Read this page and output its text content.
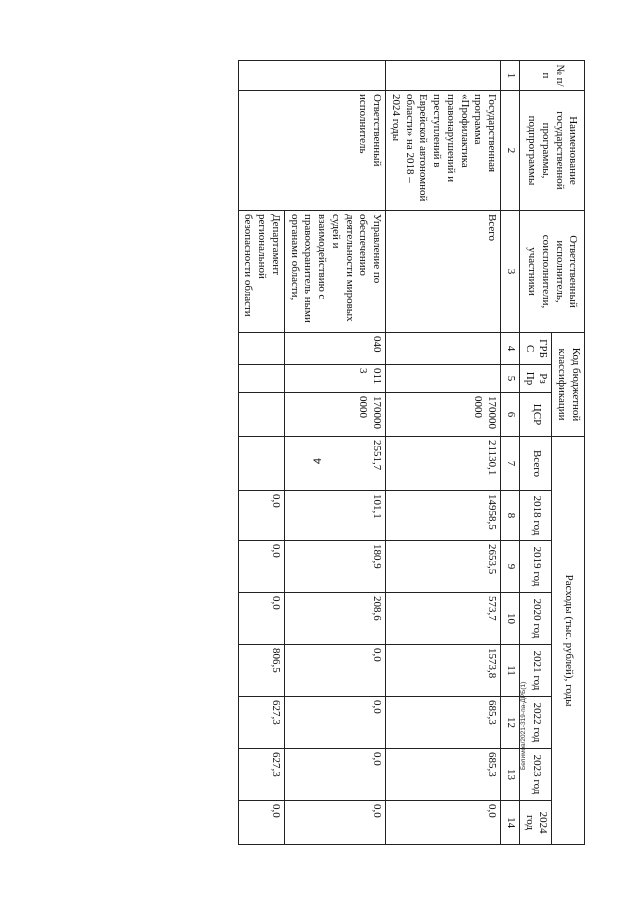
4
Белимов/2021-319-па-ДРБ(1)
№ п/п	Наименование государственной программы, подпрограммы	Ответственный исполнитель, соисполнители, участники	Код бюджетной классификации			Расходы (тыс. рублей), годы							
			ГРБС	Рз Пр	ЦСР	Всего	2018 год	2019 год	2020 год	2021 год	2022 год	2023 год	2024 год
1	2	3	4	5	6	7	8	9	10	11	12	13	14
	Государственная программа «Профилактика правонарушений и преступлений в Еврейской автономной области» на 2018 – 2024 годы	Всего			170000 0000	21130,1	14958,5	2653,5	573,7	1573,8	685,3	685,3	0,0
	Ответственный исполнитель	Управление по обеспечению деятельности мировых судей и взаимодействию с правоохранитель ными органами области,	040	0113	170000 0000	2551,7	101,1	180,9	208,6	0,0	0,0	0,0	0,0
		Департамент региональной безопасности области					0,0	0,0	0,0	806,5	627,3	627,3	0,0
